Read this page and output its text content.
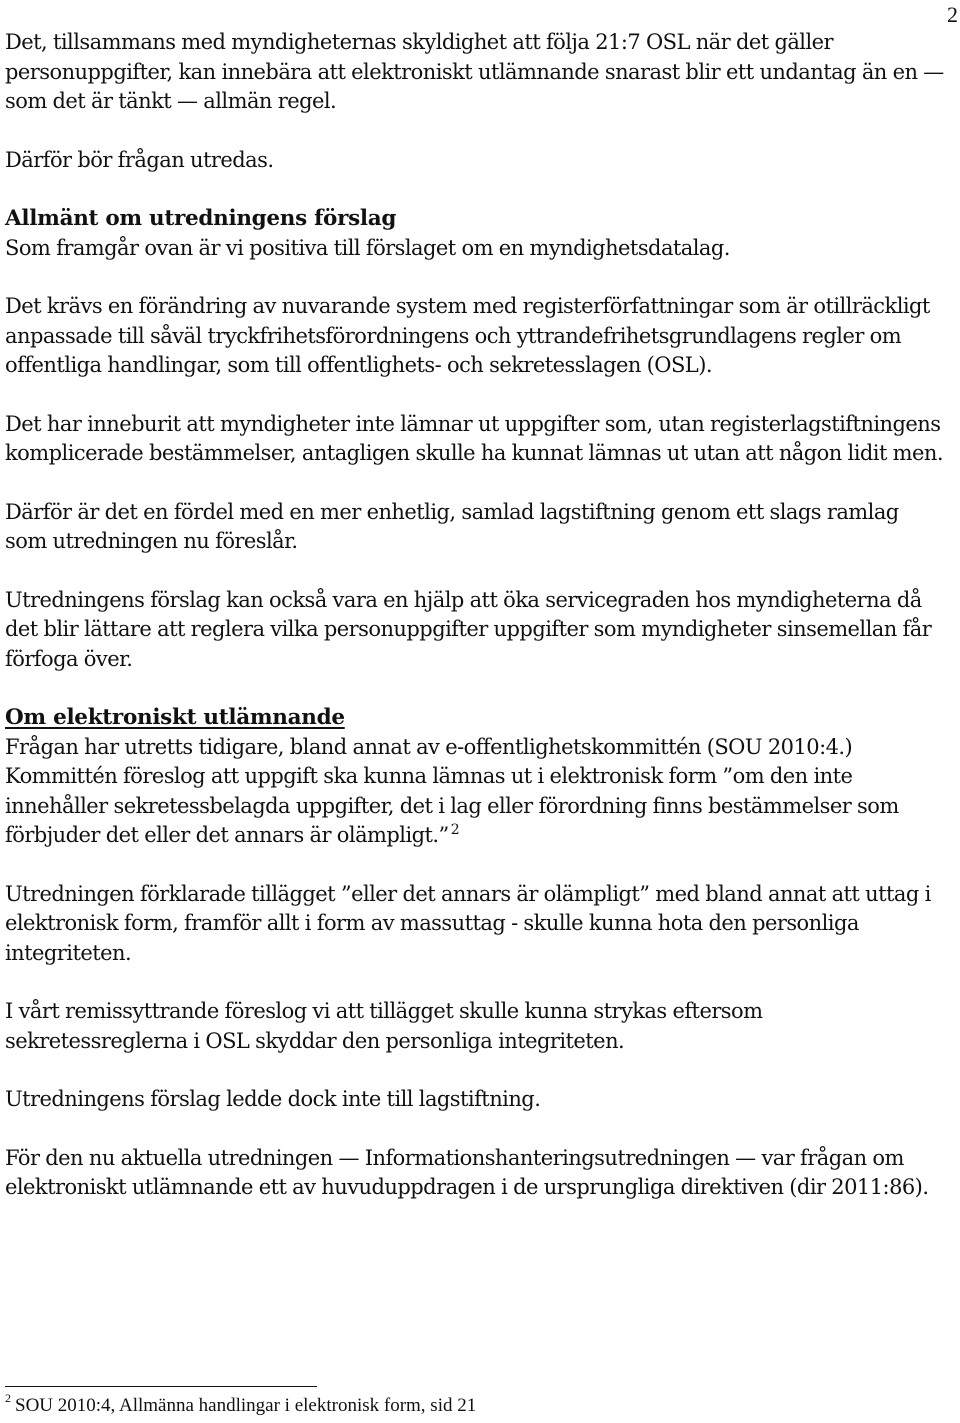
2

Det, tillsammans med myndigheternas skyldighet att följa 21:7 OSL när det gäller personuppgifter, kan innebära att elektroniskt utlämnande snarast blir ett undantag än en — som det är tänkt — allmän regel.

Därför bör frågan utredas.

Allmänt om utredningens förslag

Som framgår ovan är vi positiva till förslaget om en myndighetsdatalag.

Det krävs en förändring av nuvarande system med registerförfattningar som är otillräckligt anpassade till såväl tryckfrihetsförordningens och yttrandefrihetsgrundlagens regler om offentliga handlingar, som till offentlighets- och sekretesslagen (OSL).

Det har inneburit att myndigheter inte lämnar ut uppgifter som, utan registerlagstiftningens komplicerade bestämmelser, antagligen skulle ha kunnat lämnas ut utan att någon lidit men.

Därför är det en fördel med en mer enhetlig, samlad lagstiftning genom ett slags ramlag som utredningen nu föreslår.

Utredningens förslag kan också vara en hjälp att öka servicegraden hos myndigheterna då det blir lättare att reglera vilka personuppgifter uppgifter som myndigheter sinsemellan får förfoga över.

Om elektroniskt utlämnande

Frågan har utretts tidigare, bland annat av e-offentlighetskommittén (SOU 2010:4.) Kommittén föreslog att uppgift ska kunna lämnas ut i elektronisk form ”om den inte innehåller sekretessbelagda uppgifter, det i lag eller förordning finns bestämmelser som förbjuder det eller det annars är olämpligt.” $^2$

Utredningen förklarade tillägget ”eller det annars är olämpligt” med bland annat att uttag i elektronisk form, framför allt i form av massuttag - skulle kunna hota den personliga integriteten.

I vårt remissyttrande föreslog vi att tillägget skulle kunna strykas eftersom sekretessreglerna i OSL skyddar den personliga integriteten.

Utredningens förslag ledde dock inte till lagstiftning.

För den nu aktuella utredningen — Informationshanteringsutredningen — var frågan om elektroniskt utlämnande ett av huvuduppdragen i de ursprungliga direktiven (dir 2011:86).

$^2$ SOU 2010:4, Allmänna handlingar i elektronisk form, sid 21
